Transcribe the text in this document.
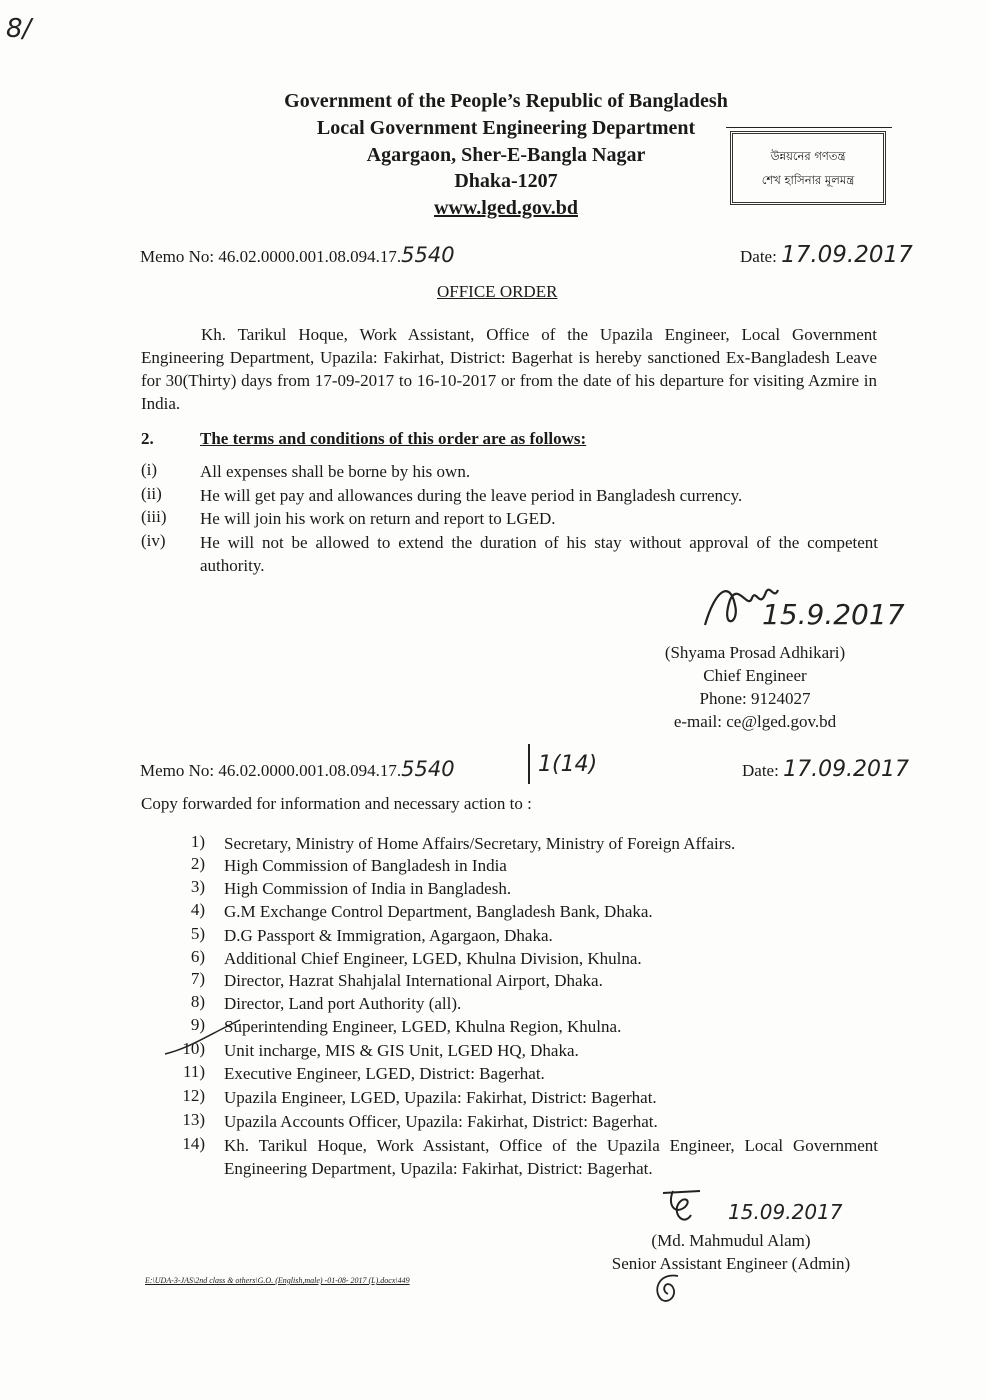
8/
Government of the People’s Republic of Bangladesh
Local Government Engineering Department
Agargaon, Sher-E-Bangla Nagar
Dhaka-1207
www.lged.gov.bd
উন্নয়নের গণতন্ত্র
শেখ হাসিনার মূলমন্ত্র
Memo No: 46.02.0000.001.08.094.17.5540	Date: 17.09.2017
OFFICE ORDER
Kh. Tarikul Hoque, Work Assistant, Office of the Upazila Engineer, Local Government Engineering Department, Upazila: Fakirhat, District: Bagerhat is hereby sanctioned Ex-Bangladesh Leave for 30(Thirty) days from 17-09-2017 to 16-10-2017 or from the date of his departure for visiting Azmire in India.
2.	The terms and conditions of this order are as follows:
(i)	All expenses shall be borne by his own.
(ii)	He will get pay and allowances during the leave period in Bangladesh currency.
(iii)	He will join his work on return and report to LGED.
(iv)	He will not be allowed to extend the duration of his stay without approval of the competent authority.
15.9.2017
(Shyama Prosad Adhikari)
Chief Engineer
Phone: 9124027
e-mail: ce@lged.gov.bd
Memo No: 46.02.0000.001.08.094.17.5540	1(14)	Date: 17.09.2017
Copy forwarded for information and necessary action to :
1) Secretary, Ministry of Home Affairs/Secretary, Ministry of Foreign Affairs.
2) High Commission of Bangladesh in India
3) High Commission of India in Bangladesh.
4) G.M Exchange Control Department, Bangladesh Bank, Dhaka.
5) D.G Passport & Immigration, Agargaon, Dhaka.
6) Additional Chief Engineer, LGED, Khulna Division, Khulna.
7) Director, Hazrat Shahjalal International Airport, Dhaka.
8) Director, Land port Authority (all).
9) Superintending Engineer, LGED, Khulna Region, Khulna.
10) Unit incharge, MIS & GIS Unit, LGED HQ, Dhaka.
11) Executive Engineer, LGED, District: Bagerhat.
12) Upazila Engineer, LGED, Upazila: Fakirhat, District: Bagerhat.
13) Upazila Accounts Officer, Upazila: Fakirhat, District: Bagerhat.
14) Kh. Tarikul Hoque, Work Assistant, Office of the Upazila Engineer, Local Government Engineering Department, Upazila: Fakirhat, District: Bagerhat.
15.09.2017
(Md. Mahmudul Alam)
Senior Assistant Engineer (Admin)
E:\UDA-3-JAS\2nd class & others\G.O. (English,male) -01-08- 2017 (L).docx\449
